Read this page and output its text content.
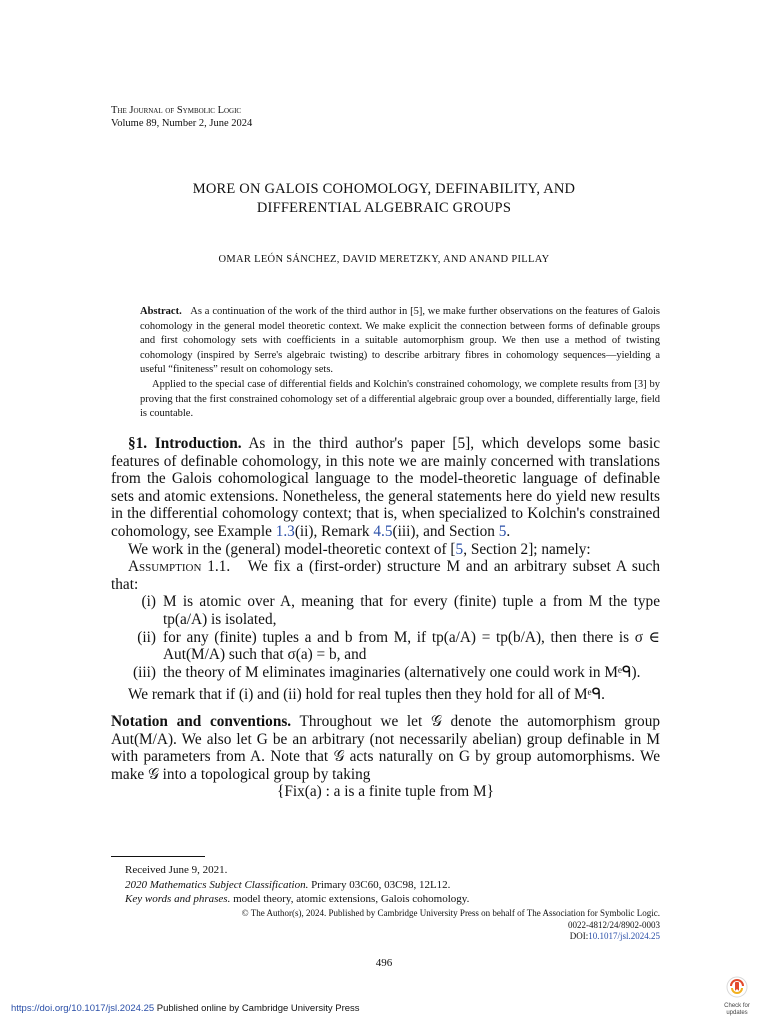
The Journal of Symbolic Logic
Volume 89, Number 2, June 2024
MORE ON GALOIS COHOMOLOGY, DEFINABILITY, AND
DIFFERENTIAL ALGEBRAIC GROUPS
OMAR LEÓN SÁNCHEZ, DAVID MERETZKY, AND ANAND PILLAY

Abstract. As a continuation of the work of the third author in [5], we make further observations on the features of Galois cohomology in the general model theoretic context. We make explicit the connection between forms of definable groups and first cohomology sets with coefficients in a suitable automorphism group. We then use a method of twisting cohomology (inspired by Serre's algebraic twisting) to describe arbitrary fibres in cohomology sequences—yielding a useful “finiteness” result on cohomology sets.

Applied to the special case of differential fields and Kolchin's constrained cohomology, we complete results from [3] by proving that the first constrained cohomology set of a differential algebraic group over a bounded, differentially large, field is countable.

§1. Introduction. As in the third author's paper [5], which develops some basic features of definable cohomology, in this note we are mainly concerned with translations from the Galois cohomological language to the model-theoretic language of definable sets and atomic extensions. Nonetheless, the general statements here do yield new results in the differential cohomology context; that is, when specialized to Kolchin's constrained cohomology, see Example 1.3(ii), Remark 4.5(iii), and Section 5.

We work in the (general) model-theoretic context of [5, Section 2]; namely:

Assumption 1.1. We fix a (first-order) structure M and an arbitrary subset A such that:

(i) M is atomic over A, meaning that for every (finite) tuple a from M the type tp(a/A) is isolated,
(ii) for any (finite) tuples a and b from M, if tp(a/A) = tp(b/A), then there is σ ∈ Aut(M/A) such that σ(a) = b, and
(iii) the theory of M eliminates imaginaries (alternatively one could work in Mᵉᑫ).

We remark that if (i) and (ii) hold for real tuples then they hold for all of Mᵉᑫ.

Notation and conventions. Throughout we let 𝒢 denote the automorphism group Aut(M/A). We also let G be an arbitrary (not necessarily abelian) group definable in M with parameters from A. Note that 𝒢 acts naturally on G by group automorphisms. We make 𝒢 into a topological group by taking

{Fix(a) : a is a finite tuple from M}

Received June 9, 2021.

2020 Mathematics Subject Classification. Primary 03C60, 03C98, 12L12.

Key words and phrases. model theory, atomic extensions, Galois cohomology.

© The Author(s), 2024. Published by Cambridge University Press on behalf of The Association for Symbolic Logic.

0022-4812/24/8902-0003

DOI:10.1017/jsl.2024.25

496
https://doi.org/10.1017/jsl.2024.25 Published online by Cambridge University Press	Check for
updates
